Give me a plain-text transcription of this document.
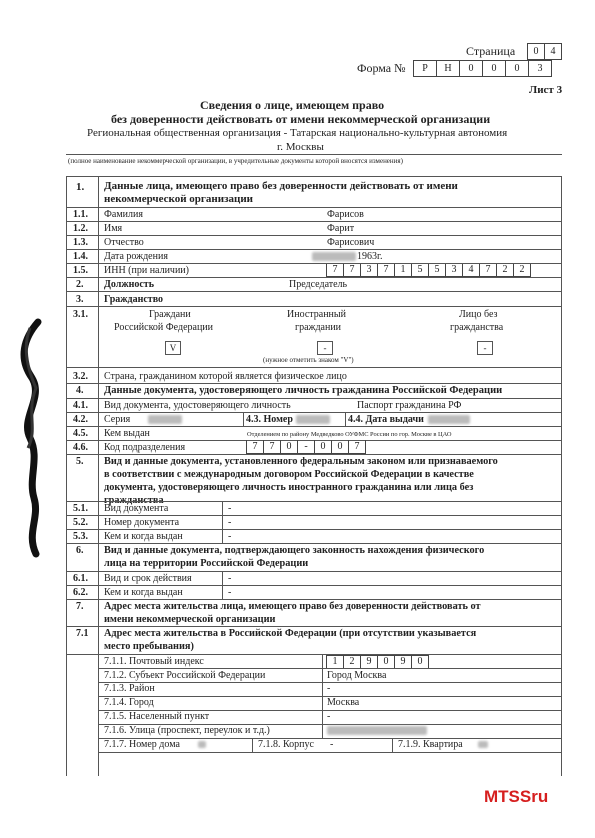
Страница	0	4
Форма №	Р	Н	0	0	0	3
Лист 3
Сведения о лице, имеющем право
без доверенности действовать от имени некоммерческой организации
Региональная общественная организация - Татарская национально-культурная автономия
г. Москвы
(полное наименование некоммерческой организации, в учредительные документы которой вносятся изменения)
1. Данные лица, имеющего право без доверенности действовать от имени
некоммерческой организации
1.1. Фамилия	Фарисов
1.2. Имя	Фарит
1.3. Отчество	Фарисович
1.4. Дата рождения	1963г.
1.5. ИНН (при наличии)	7	7	3	7	1	5	5	3	4	7	2	2
2. Должность	Председатель
3. Гражданство
3.1.	Граждани
Российской Федерации
Иностранный
граждании
Лицо без
гражданства
V	-	-
(нужное отметить знаком "V")
3.2. Страна, гражданином которой является физическое лицо
4. Данные документа, удостоверяющего личность гражданина Российской Федерации
4.1. Вид документа, удостоверяющего личность	Паспорт гражданина РФ
4.2. Серия	4.3. Номер	4.4. Дата выдачи
4.5. Кем выдан	Отделением по району Медведково ОУФМС России по гор. Москве в ЦАО
4.6. Код подразделения	7	7	0	-	0	0	7
5. Вид и данные документа, установленного федеральным законом или признаваемого
в соответствии с международным договором Российской Федерации в качестве
документа, удостоверяющего личность иностранного гражданина или лица без
гражданства
5.1. Вид документа	-
5.2. Номер документа	-
5.3. Кем и когда выдан	-
6. Вид и данные документа, подтверждающего законность нахождения физического
лица на территории Российской Федерации
6.1. Вид и срок действия	-
6.2. Кем и когда выдан	-
7. Адрес места жительства лица, имеющего право без доверенности действовать от
имени некоммерческой организации
7.1 Адрес места жительства в Российской Федерации (при отсутствии указывается
место пребывания)
7.1.1. Почтовый индекс	1	2	9	0	9	0
7.1.2. Субъект Российской Федерации	Город Москва
7.1.3. Район	-
7.1.4. Город	Москва
7.1.5. Населенный пункт	-
7.1.6. Улица (проспект, переулок и т.д.)
7.1.7. Номер дома	7.1.8. Корпус -	7.1.9. Квартира
MTSSru
